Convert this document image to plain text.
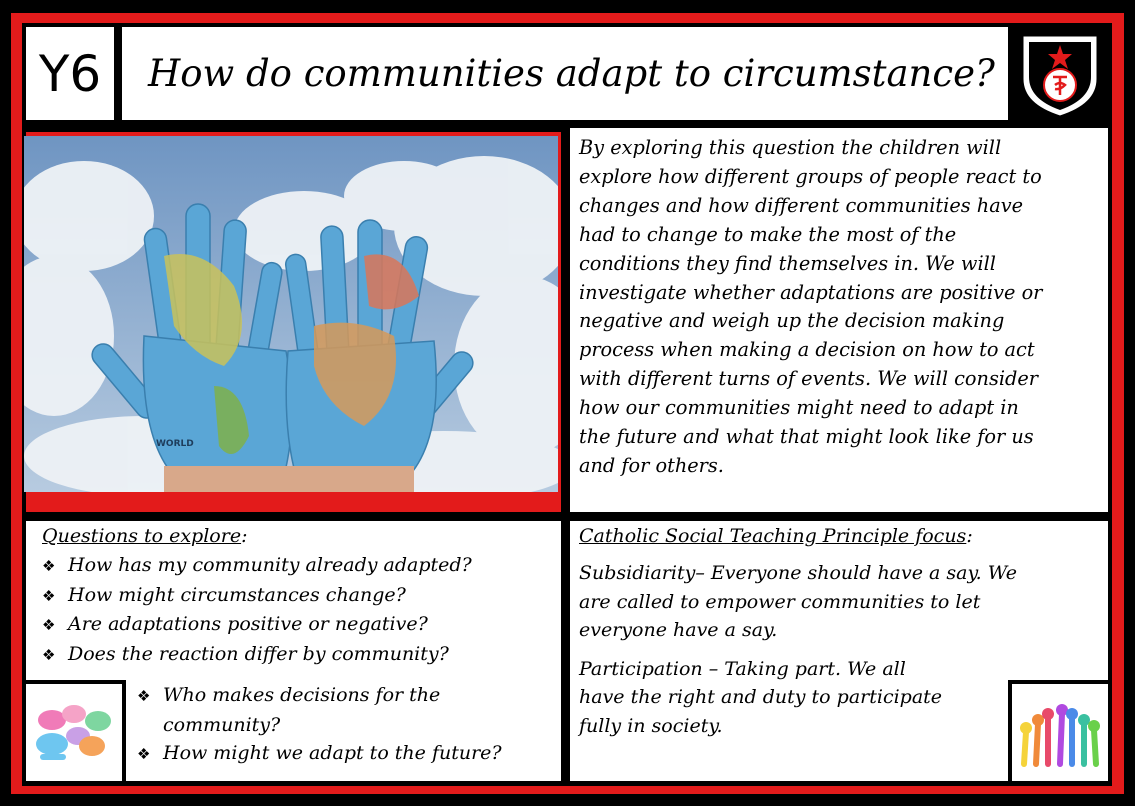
Y6	How do communities adapt to circumstance?
WORLD
By exploring this question the children will
explore how different groups of people react to
changes and how different communities have
had to change to make the most of the
conditions they find themselves in. We will
investigate whether adaptations are positive or
negative and weigh up the decision making
process when making a decision on how to act
with different turns of events. We will consider
how our communities might need to adapt in
the future and what that might look like for us
and for others.
Questions to explore:
❖ How has my community already adapted?
❖ How might circumstances change?
❖ Are adaptations positive or negative?
❖ Does the reaction differ by community?
❖ Who makes decisions for the
community?
❖ How might we adapt to the future?
Catholic Social Teaching Principle focus:
Subsidiarity– Everyone should have a say. We
are called to empower communities to let
everyone have a say.
Participation – Taking part. We all
have the right and duty to participate
fully in society.
